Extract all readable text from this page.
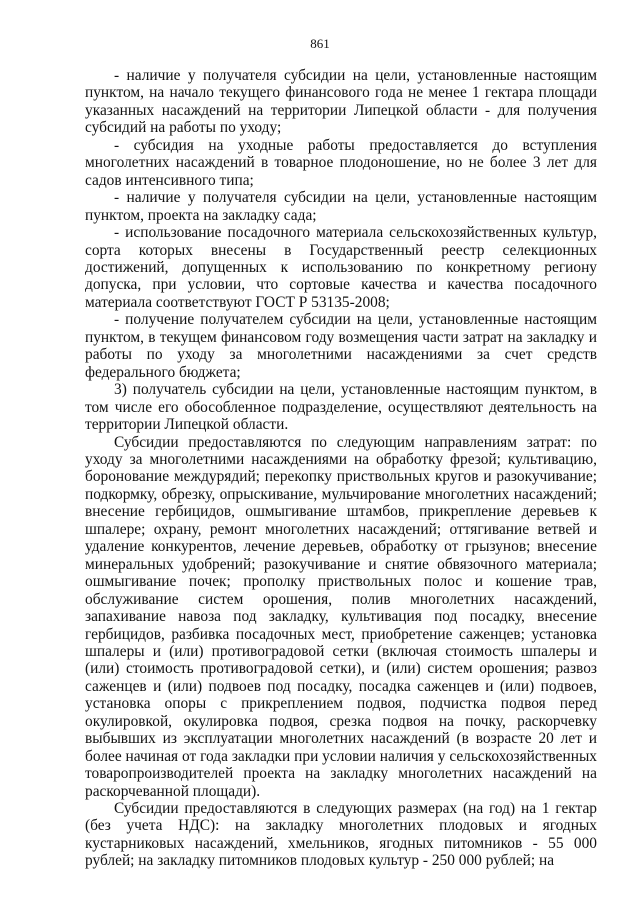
861

- наличие у получателя субсидии на цели, установленные настоящим пунктом, на начало текущего финансового года не менее 1 гектара площади указанных насаждений на территории Липецкой области - для получения субсидий на работы по уходу;

- субсидия на уходные работы предоставляется до вступления многолетних насаждений в товарное плодоношение, но не более 3 лет для садов интенсивного типа;

- наличие у получателя субсидии на цели, установленные настоящим пунктом, проекта на закладку сада;

- использование посадочного материала сельскохозяйственных культур, сорта которых внесены в Государственный реестр селекционных достижений, допущенных к использованию по конкретному региону допуска, при условии, что сортовые качества и качества посадочного материала соответствуют ГОСТ Р 53135-2008;

- получение получателем субсидии на цели, установленные настоящим пунктом, в текущем финансовом году возмещения части затрат на закладку и работы по уходу за многолетними насаждениями за счет средств федерального бюджета;

3) получатель субсидии на цели, установленные настоящим пунктом, в том числе его обособленное подразделение, осуществляют деятельность на территории Липецкой области.

Субсидии предоставляются по следующим направлениям затрат: по уходу за многолетними насаждениями на обработку фрезой; культивацию, боронование междурядий; перекопку приствольных кругов и разокучивание; подкормку, обрезку, опрыскивание, мульчирование многолетних насаждений; внесение гербицидов, ошмыгивание штамбов, прикрепление деревьев к шпалере; охрану, ремонт многолетних насаждений; оттягивание ветвей и удаление конкурентов, лечение деревьев, обработку от грызунов; внесение минеральных удобрений; разокучивание и снятие обвязочного материала; ошмыгивание почек; прополку приствольных полос и кошение трав, обслуживание систем орошения, полив многолетних насаждений, запахивание навоза под закладку, культивация под посадку, внесение гербицидов, разбивка посадочных мест, приобретение саженцев; установка шпалеры и (или) противоградовой сетки (включая стоимость шпалеры и (или) стоимость противоградовой сетки), и (или) систем орошения; развоз саженцев и (или) подвоев под посадку, посадка саженцев и (или) подвоев, установка опоры с прикреплением подвоя, подчистка подвоя перед окулировкой, окулировка подвоя, срезка подвоя на почку, раскорчевку выбывших из эксплуатации многолетних насаждений (в возрасте 20 лет и более начиная от года закладки при условии наличия у сельскохозяйственных товаропроизводителей проекта на закладку многолетних насаждений на раскорчеванной площади).

Субсидии предоставляются в следующих размерах (на год) на 1 гектар (без учета НДС): на закладку многолетних плодовых и ягодных кустарниковых насаждений, хмельников, ягодных питомников - 55 000 рублей; на закладку питомников плодовых культур - 250 000 рублей; на
